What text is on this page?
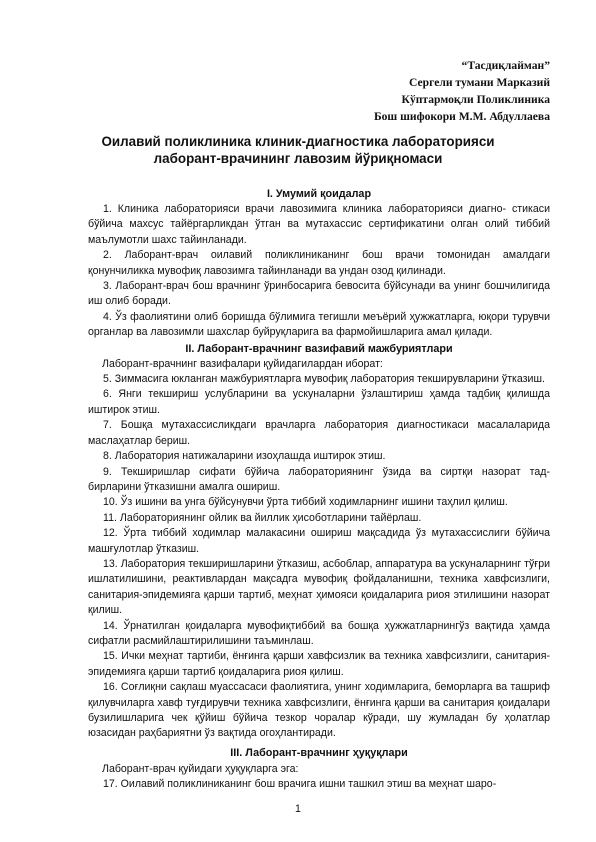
“Тасдиқлайман”
Сергели тумани Марказий
Кўптармоқли Поликлиника
Бош шифокори М.М. Абдуллаева
Оилавий поликлиника клиник-диагностика лабораторияси
лаборант-врачининг лавозим йўриқномаси
I. Умумий қоидалар

1. Клиника лабораторияси врачи лавозимига клиника лабораторияси диагно- стикаси бўйича махсус тайёргарликдан ўтган ва мутахассис сертификатини олган олий тиббий маълумотли шахс тайинланади.

2. Лаборант-врач оилавий поликлиниканинг бош врачи томонидан амалдаги қонунчиликка мувофиқ лавозимга тайинланади ва ундан озод қилинади.

3. Лаборант-врач бош врачнинг ўринбосарига бевосита бўйсунади ва унинг бошчилигида иш олиб боради.

4. Ўз фаолиятини олиб боришда бўлимига тегишли меъёрий ҳужжатларга, юқори турувчи органлар ва лавозимли шахслар буйруқларига ва фармойишларига амал қилади.

II. Лаборант-врачнинг вазифавий мажбуриятлари

Лаборант-врачнинг вазифалари қуйидагилардан иборат:

5. Зиммасига юкланган мажбуриятларга мувофиқ лаборатория текширувларини ўтказиш.

6. Янги текшириш услубларини ва ускуналарни ўзлаштириш ҳамда тадбиқ қилишда иштирок этиш.

7. Бошқа мутахассисликдаги врачларга лаборатория диагностикаси масалаларида маслаҳатлар бериш.

8. Лаборатория натижаларини изоҳлашда иштирок этиш.

9. Текширишлар сифати бўйича лабораториянинг ўзида ва сиртқи назорат тад- бирларини ўтказишни амалга ошириш.

10. Ўз ишини ва унга бўйсунувчи ўрта тиббий ходимларнинг ишини таҳлил қилиш.

11. Лабораториянинг ойлик ва йиллик ҳисоботларини тайёрлаш.

12. Ўрта тиббий ходимлар малакасини ошириш мақсадида ўз мутахассислиги бўйича машғулотлар ўтказиш.

13. Лаборатория текширишларини ўтказиш, асбоблар, аппаратура ва ускуналарнинг тўғри ишлатилишини, реактивлардан мақсадга мувофиқ фойдаланишни, техника хавфсизлиги, санитария-эпидемияга қарши тартиб, меҳнат ҳимояси қоидаларига риоя этилишини назорат қилиш.

14. Ўрнатилган қоидаларга мувофиқтиббий ва бошқа ҳужжатларнингўз вақтида ҳамда сифатли расмийлаштирилишини таъминлаш.

15. Ички меҳнат тартиби, ёнғинга қарши хавфсизлик ва техника хавфсизлиги, санитария-эпидемияга қарши тартиб қоидаларига риоя қилиш.

16. Соғлиқни сақлаш муассасаси фаолиятига, унинг ходимларига, беморларга ва ташриф қилувчиларга хавф туғдирувчи техника хавфсизлиги, ёнғинга қарши ва санитария қоидалари бузилишларига чек қўйиш бўйича тезкор чоралар кўради, шу жумладан бу ҳолатлар юзасидан раҳбариятни ўз вақтида огоҳлантиради.

III. Лаборант-врачнинг ҳуқуқлари

Лаборант-врач қуйидаги ҳуқуқларга эга:

17. Оилавий поликлиниканинг бош врачига ишни ташкил этиш ва меҳнат шаро-

1
